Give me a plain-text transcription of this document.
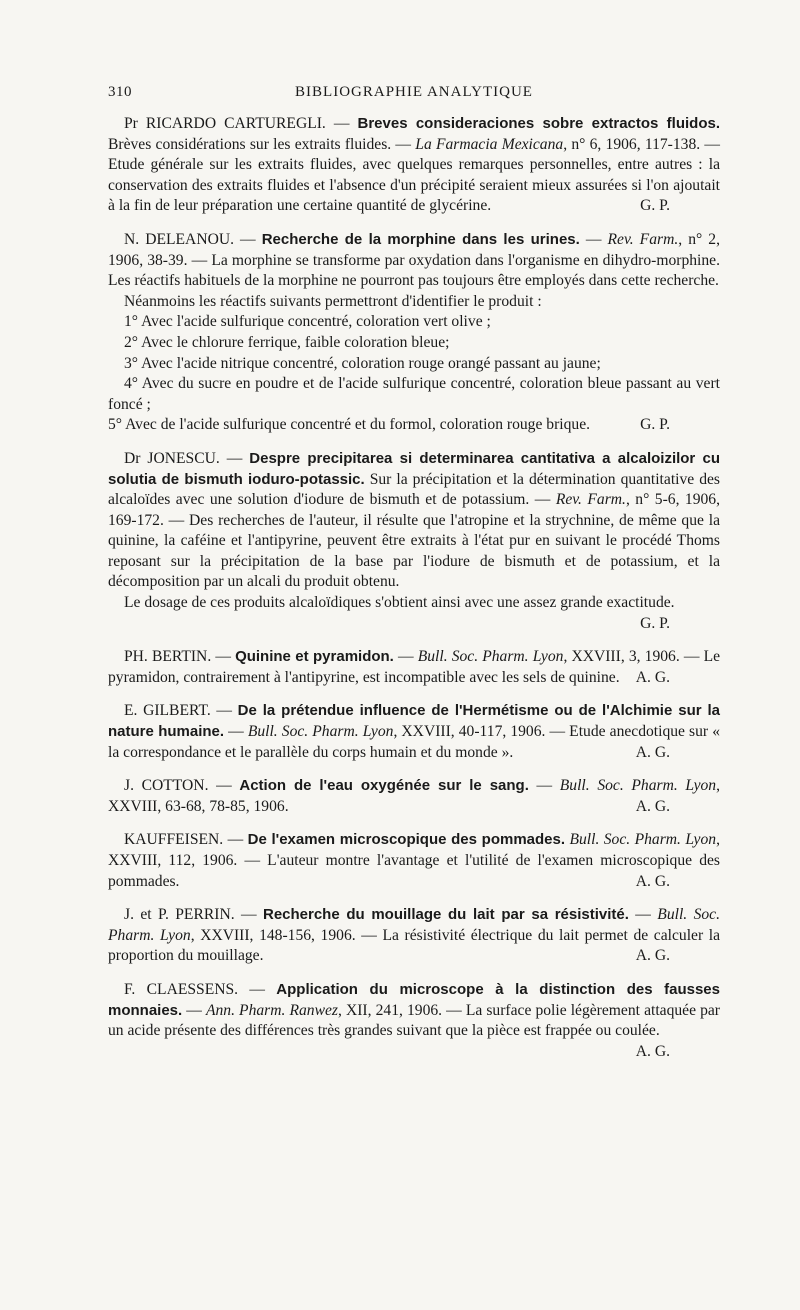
310	BIBLIOGRAPHIE ANALYTIQUE

Pr RICARDO CARTUREGLI. — Breves consideraciones sobre extractos fluidos. Brèves considérations sur les extraits fluides. — La Farmacia Mexicana, n° 6, 1906, 117-138. — Etude générale sur les extraits fluides, avec quelques remarques personnelles, entre autres : la conservation des extraits fluides et l'absence d'un précipité seraient mieux assurées si l'on ajoutait à la fin de leur préparation une certaine quantité de glycérine.	G. P.

N. DELEANOU. — Recherche de la morphine dans les urines. — Rev. Farm., n° 2, 1906, 38-39. — La morphine se transforme par oxydation dans l'organisme en dihydro-morphine. Les réactifs habituels de la morphine ne pourront pas toujours être employés dans cette recherche.

Néanmoins les réactifs suivants permettront d'identifier le produit :

1° Avec l'acide sulfurique concentré, coloration vert olive ;
2° Avec le chlorure ferrique, faible coloration bleue;
3° Avec l'acide nitrique concentré, coloration rouge orangé passant au jaune;
4° Avec du sucre en poudre et de l'acide sulfurique concentré, coloration bleue passant au vert foncé ;
5° Avec de l'acide sulfurique concentré et du formol, coloration rouge brique.	G. P.

Dr JONESCU. — Despre precipitarea si determinarea cantitativa a alcaloizilor cu solutia de bismuth ioduro-potassic. Sur la précipitation et la détermination quantitative des alcaloïdes avec une solution d'iodure de bismuth et de potassium. — Rev. Farm., n° 5-6, 1906, 169-172. — Des recherches de l'auteur, il résulte que l'atropine et la strychnine, de même que la quinine, la caféine et l'antipyrine, peuvent être extraits à l'état pur en suivant le procédé Thoms reposant sur la précipitation de la base par l'iodure de bismuth et de potassium, et la décomposition par un alcali du produit obtenu.

Le dosage de ces produits alcaloïdiques s'obtient ainsi avec une assez grande exactitude.
G. P.

PH. BERTIN. — Quinine et pyramidon. — Bull. Soc. Pharm. Lyon, XXVIII, 3, 1906. — Le pyramidon, contrairement à l'antipyrine, est incompatible avec les sels de quinine.	A. G.

E. GILBERT. — De la prétendue influence de l'Hermétisme ou de l'Alchimie sur la nature humaine. — Bull. Soc. Pharm. Lyon, XXVIII, 40-117, 1906. — Etude anecdotique sur « la correspondance et le parallèle du corps humain et du monde ».	A. G.

J. COTTON. — Action de l'eau oxygénée sur le sang. — Bull. Soc. Pharm. Lyon, XXVIII, 63-68, 78-85, 1906.	A. G.

KAUFFEISEN. — De l'examen microscopique des pommades. Bull. Soc. Pharm. Lyon, XXVIII, 112, 1906. — L'auteur montre l'avantage et l'utilité de l'examen microscopique des pommades.	A. G.

J. et P. PERRIN. — Recherche du mouillage du lait par sa résistivité. — Bull. Soc. Pharm. Lyon, XXVIII, 148-156, 1906. — La résistivité électrique du lait permet de calculer la proportion du mouillage.	A. G.

F. CLAESSENS. — Application du microscope à la distinction des fausses monnaies. — Ann. Pharm. Ranwez, XII, 241, 1906. — La surface polie légèrement attaquée par un acide présente des différences très grandes suivant que la pièce est frappée ou coulée.
A. G.
